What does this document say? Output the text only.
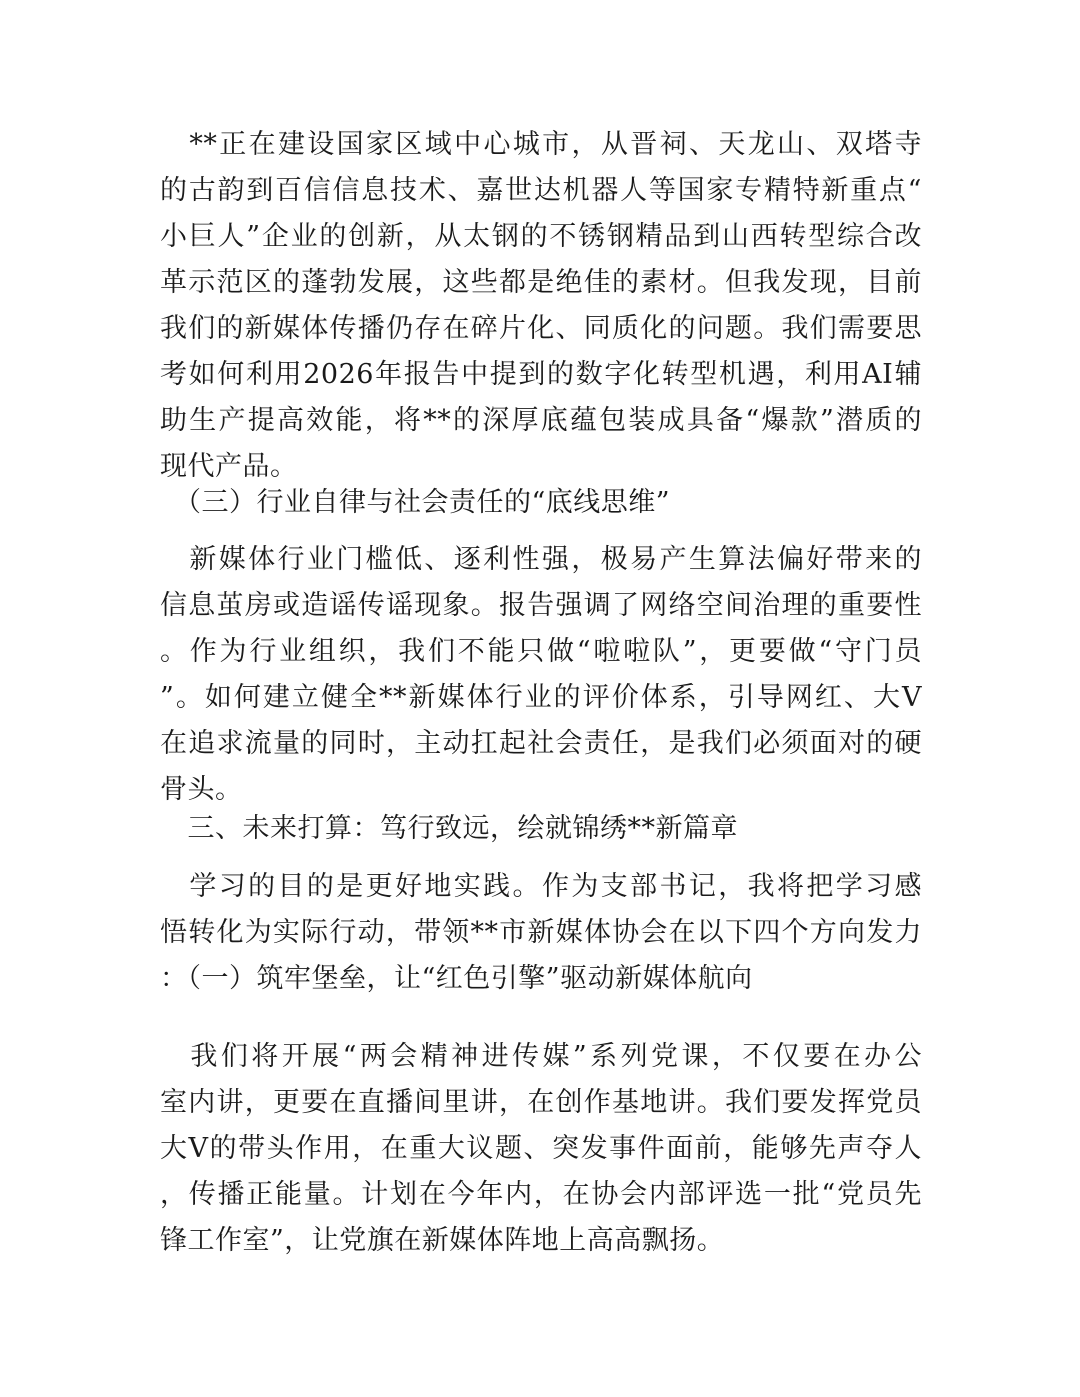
　**正在建设国家区域中心城市，从晋祠、天龙山、双塔寺
的古韵到百信信息技术、嘉世达机器人等国家专精特新重点“
小巨人”企业的创新，从太钢的不锈钢精品到山西转型综合改
革示范区的蓬勃发展，这些都是绝佳的素材。但我发现，目前
我们的新媒体传播仍存在碎片化、同质化的问题。我们需要思
考如何利用2026年报告中提到的数字化转型机遇，利用AI辅
助生产提高效能，将**的深厚底蕴包装成具备“爆款”潜质的
现代产品。
　（三）行业自律与社会责任的“底线思维”
　新媒体行业门槛低、逐利性强，极易产生算法偏好带来的
信息茧房或造谣传谣现象。报告强调了网络空间治理的重要性
。作为行业组织，我们不能只做“啦啦队”，更要做“守门员
”。如何建立健全**新媒体行业的评价体系，引导网红、大V
在追求流量的同时，主动扛起社会责任，是我们必须面对的硬
骨头。
　三、未来打算：笃行致远，绘就锦绣**新篇章
　学习的目的是更好地实践。作为支部书记，我将把学习感
悟转化为实际行动，带领**市新媒体协会在以下四个方向发力
：（一）筑牢堡垒，让“红色引擎”驱动新媒体航向
　我们将开展“两会精神进传媒”系列党课，不仅要在办公
室内讲，更要在直播间里讲，在创作基地讲。我们要发挥党员
大V的带头作用，在重大议题、突发事件面前，能够先声夺人
，传播正能量。计划在今年内，在协会内部评选一批“党员先
锋工作室”，让党旗在新媒体阵地上高高飘扬。
